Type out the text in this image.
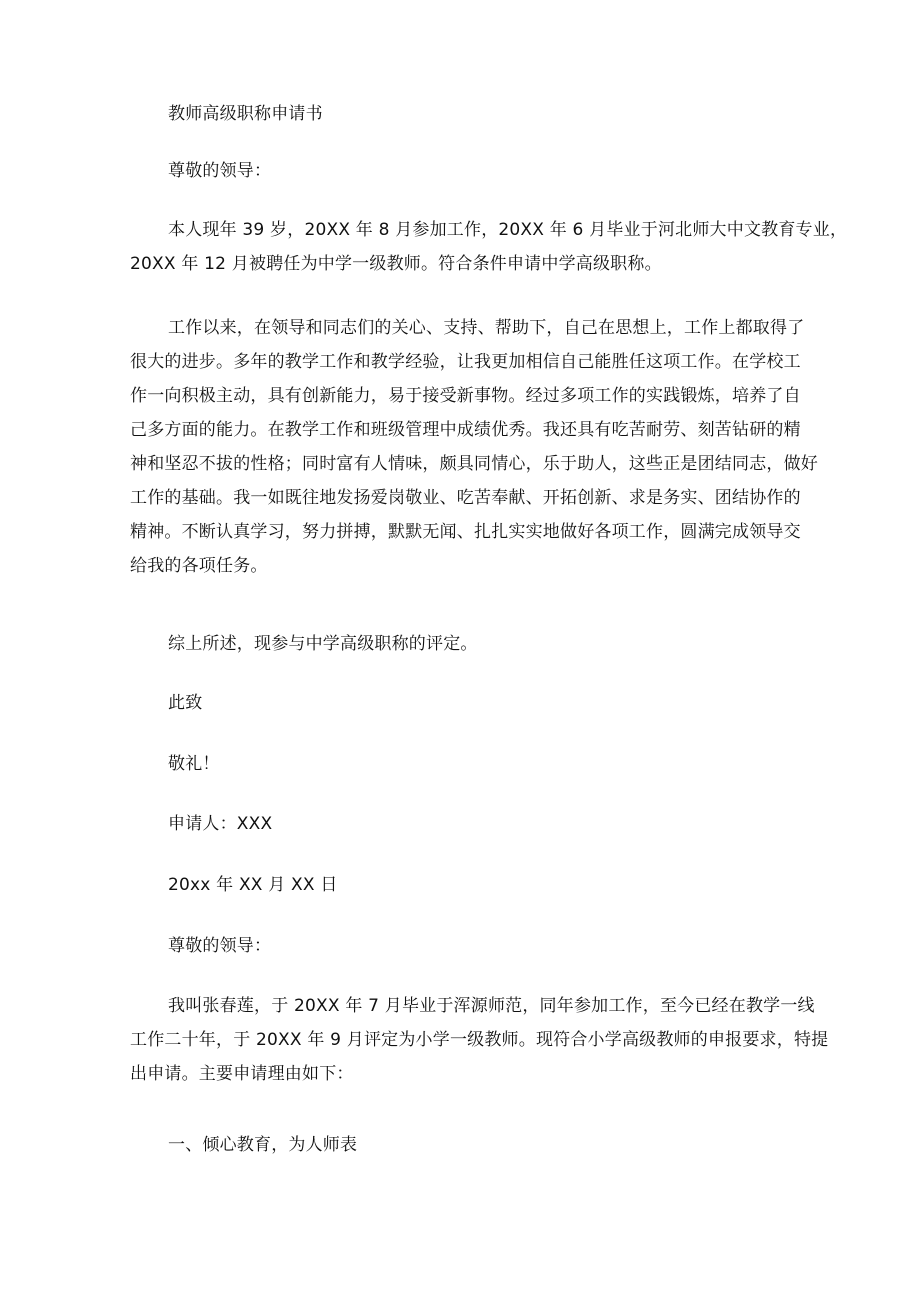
教师高级职称申请书

尊敬的领导：

本人现年 39 岁，20XX 年 8 月参加工作，20XX 年 6 月毕业于河北师大中文教育专业，
20XX 年 12 月被聘任为中学一级教师。符合条件申请中学高级职称。
工作以来，在领导和同志们的关心、支持、帮助下，自己在思想上，工作上都取得了
很大的进步。多年的教学工作和教学经验，让我更加相信自己能胜任这项工作。在学校工
作一向积极主动，具有创新能力，易于接受新事物。经过多项工作的实践锻炼，培养了自
己多方面的能力。在教学工作和班级管理中成绩优秀。我还具有吃苦耐劳、刻苦钻研的精
神和坚忍不拔的性格；同时富有人情味，颇具同情心，乐于助人，这些正是团结同志，做好
工作的基础。我一如既往地发扬爱岗敬业、吃苦奉献、开拓创新、求是务实、团结协作的
精神。不断认真学习，努力拼搏，默默无闻、扎扎实实地做好各项工作，圆满完成领导交
给我的各项任务。

综上所述，现参与中学高级职称的评定。

此致

敬礼！

申请人：XXX

20xx 年 XX 月 XX 日

尊敬的领导：

我叫张春莲，于 20XX 年 7 月毕业于浑源师范，同年参加工作，至今已经在教学一线
工作二十年，于 20XX 年 9 月评定为小学一级教师。现符合小学高级教师的申报要求，特提
出申请。主要申请理由如下：

一、倾心教育，为人师表
